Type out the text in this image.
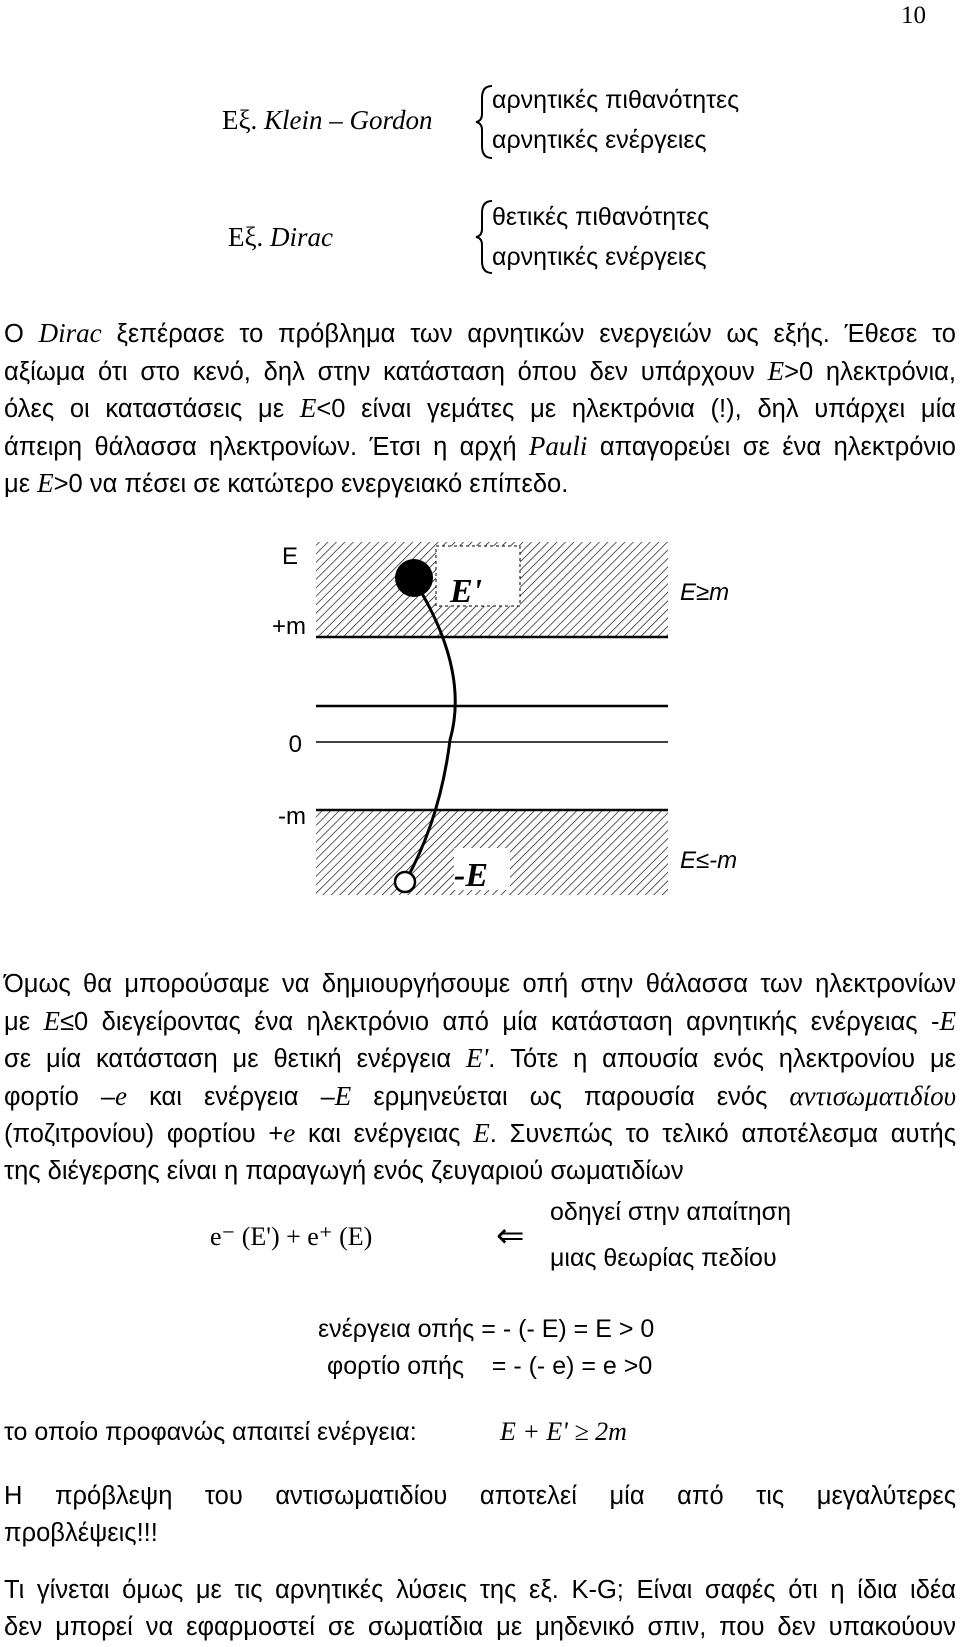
10
Εξ. Klein – Gordon
αρνητικές πιθανότητες
αρνητικές ενέργειες
Εξ. Dirac
θετικές πιθανότητες
αρνητικές ενέργειες
Ο Dirac ξεπέρασε το πρόβλημα των αρνητικών ενεργειών ως εξής. Έθεσε το
αξίωμα ότι στο κενό, δηλ στην κατάσταση όπου δεν υπάρχουν E>0 ηλεκτρόνια,
όλες οι καταστάσεις με E<0 είναι γεμάτες με ηλεκτρόνια (!), δηλ υπάρχει μία
άπειρη θάλασσα ηλεκτρονίων. Έτσι η αρχή Pauli απαγορεύει σε ένα ηλεκτρόνιο
με E>0 να πέσει σε κατώτερο ενεργειακό επίπεδο.
E
+m
0
-m
E'
-E
E≥m
E≤-m
Όμως θα μπορούσαμε να δημιουργήσουμε οπή στην θάλασσα των ηλεκτρονίων
με E≤0 διεγείροντας ένα ηλεκτρόνιο από μία κατάσταση αρνητικής ενέργειας -E
σε μία κατάσταση με θετική ενέργεια E'. Τότε η απουσία ενός ηλεκτρονίου με
φορτίο –e και ενέργεια –E ερμηνεύεται ως παρουσία ενός αντισωματιδίου
(ποζιτρονίου) φορτίου +e και ενέργειας E. Συνεπώς το τελικό αποτέλεσμα αυτής
της διέγερσης είναι η παραγωγή ενός ζευγαριού σωματιδίων
e⁻ (E') + e⁺ (E)	⇐
οδηγεί στην απαίτηση
μιας θεωρίας πεδίου
ενέργεια οπής = - (- E) = E > 0
φορτίο οπής    = - (- e) = e >0
το οποίο προφανώς απαιτεί ενέργεια:	E + E' ≥ 2m
Η πρόβλεψη του αντισωματιδίου αποτελεί μία από τις μεγαλύτερες
προβλέψεις!!!
Τι γίνεται όμως με τις αρνητικές λύσεις της εξ. K-G; Είναι σαφές ότι η ίδια ιδέα
δεν μπορεί να εφαρμοστεί σε σωματίδια με μηδενικό σπιν, που δεν υπακούουν
